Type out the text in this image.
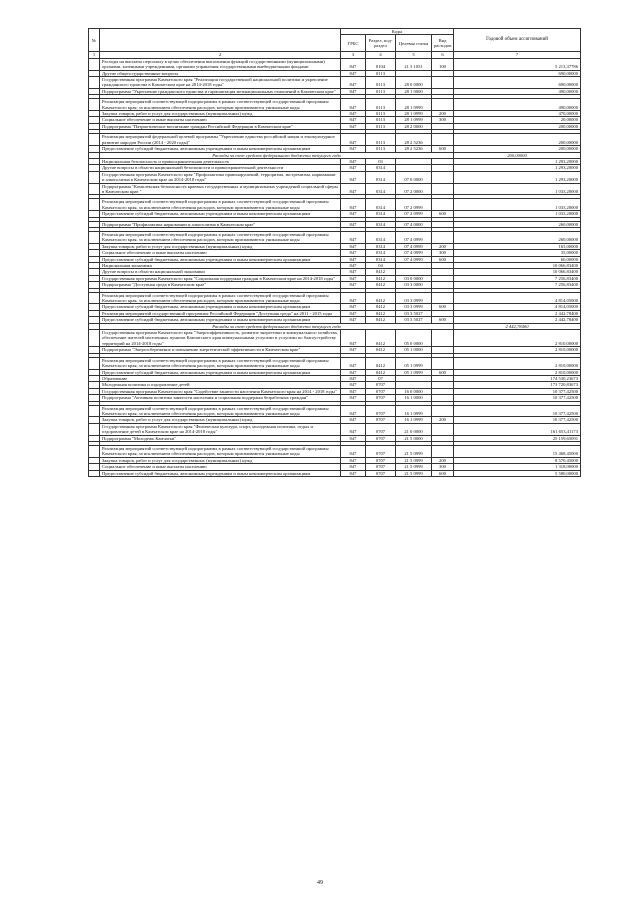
№		Коды				Годовой объем ассигнований
		ГРБС	Раздел, под-раздел	Целевая статья	Вид расходов	
1	2	3	4	5	6	7
	Расходы на выплаты персоналу в целях обеспечения выполнения функций государственными (муниципальными) органами, казенными учреждениями, органами управления государственными внебюджетными фондами	847	0104	21 3 1051	100	5 213,37786
	Другие общегосударственные вопросы	847	0113			690,00000
	Государственная программа Камчатского края "Реализация государственной национальной политики и укрепление гражданского единства в Камчатском крае на 2014-2018 годы"	847	0113	28 0 0000		690,00000
	Подпрограмма "Укрепление гражданского единства и гармонизация межнациональных отношений в Камчатском крае"	847	0113	28 1 0000		490,00000

	Реализация мероприятий соответствующей подпрограммы в рамках соответствующей государственной программы Камчатского края, за исключением обеспечения расходов, которым присваиваются уникальные коды	847	0113	28 1 0999		490,00000
	Закупка товаров, работ и услуг для государственных (муниципальных) нужд	847	0113	28 1 0999	200	470,00000
	Социальное обеспечение и иные выплаты населению	847	0113	28 1 0999	300	20,00000
	Подпрограмма "Патриотическое воспитание граждан Российской Федерации в Камчатском крае"	847	0113	28 2 0000		200,00000

	Реализация мероприятий федеральной целевой программы "Укрепление единства российской нации и этнокультурное развитие народов России (2014 - 2020 годы)"	847	0113	28 2 5236		200,00000
	Предоставление субсидий бюджетным, автономным учреждениям и иным некоммерческим организациям	847	0113	28 2 5236	600	200,00000
	Расходы за счет средств федерального бюджета текущего года					200,00000
	Национальная безопасность и правоохранительная деятельность	847	03			1 293,20000
	Другие вопросы в области национальной безопасности и правоохранительной деятельности	847	0314			1 293,20000
	Государственная программа Камчатского края "Профилактика правонарушений, терроризма, экстремизма, наркомании и алкоголизма в Камчатском крае на 2014-2018 годы"	847	0314	07 0 0000		1 293,20000
	Подпрограмма "Комплексная безопасность краевых государственных и муниципальных учреждений социальной сферы в Камчатском крае "	847	0314	07 2 0000		1 033,20000

	Реализация мероприятий соответствующей подпрограммы в рамках соответствующей государственной программы Камчатского края, за исключением обеспечения расходов, которым присваиваются уникальные коды	847	0314	07 2 0999		1 033,20000
	Предоставление субсидий бюджетным, автономным учреждениям и иным некоммерческим организациям	847	0314	07 2 0999	600	1 033,20000

	Подпрограмма "Профилактика наркомании и алкоголизма в Камчатском крае"	847	0314	07 4 0000		260,00000

	Реализация мероприятий соответствующей подпрограммы в рамках соответствующей государственной программы Камчатского края, за исключением обеспечения расходов, которым присваиваются уникальные коды	847	0314	07 4 0999		260,00000
	Закупка товаров, работ и услуг для государственных (муниципальных) нужд	847	0314	07 4 0999	200	165,00000
	Социальное обеспечение и иные выплаты населению	847	0314	07 4 0999	300	35,00000
	Предоставление субсидий бюджетным, автономным учреждениям и иным некоммерческим организациям	847	0314	07 4 0999	600	60,00000
	Национальная экономика	847	04			10 066,83400
	Другие вопросы в области национальной экономики	847	0412			10 066,83400
	Государственная программа Камчатского края "Социальная поддержка граждан в Камчатском крае на 2014-2018 годы"	847	0412	03 0 0000		7 256,83400
	Подпрограмма "Доступная среда в Камчатском крае"	847	0412	03 3 0000		7 256,83400

	Реализация мероприятий соответствующей подпрограммы в рамках соответствующей государственной программы Камчатского края, за исключением обеспечения расходов, которым присваиваются уникальные коды	847	0412	03 3 0999		4 814,05000
	Предоставление субсидий бюджетным, автономным учреждениям и иным некоммерческим организациям	847	0412	03 3 0999	600	4 814,05000
	Реализация мероприятий государственной программы Российской Федерации "Доступная среда" на 2011 - 2015 годы	847	0412	03 3 5027		2 442,78400
	Предоставление субсидий бюджетным, автономным учреждениям и иным некоммерческим организациям	847	0412	03 3 5027	600	2 442,78400
	Расходы за счет средств федерального бюджета текущего года					2 442,78400
	Государственная программа Камчатского края "Энергоэффективность, развитие энергетики и коммунального хозяйства, обеспечение жителей населенных пунктов Камчатского края коммунальными услугами и услугами по благоустройству территорий на 2014-2018 годы"	847	0412	05 0 0000		2 810,00000
	Подпрограмма "Энергосбережение и повышение энергетической эффективности в Камчатском крае"	847	0412	05 1 0000		2 810,00000

	Реализация мероприятий соответствующей подпрограммы в рамках соответствующей государственной программы Камчатского края, за исключением обеспечения расходов, которым присваиваются уникальные коды	847	0412	05 1 0999		2 810,00000
	Предоставление субсидий бюджетным, автономным учреждениям и иным некоммерческим организациям	847	0412	05 1 0999	600	2 810,00000
	Образование	847	07			174 530,23673
	Молодежная политика и оздоровление детей	847	0707			173 720,83673
	Государственная программа Камчатского края "Содействие занятости населения Камчатского края на 2014 - 2018 годы"	847	0707	16 0 0000		10 377,42500
	Подпрограмма "Активная политика занятости населения и социальная поддержка безработных граждан"	847	0707	16 1 0000		10 377,42500

	Реализация мероприятий соответствующей подпрограммы в рамках соответствующей государственной программы Камчатского края, за исключением обеспечения расходов, которым присваиваются уникальные коды	847	0707	16 1 0999		10 377,42500
	Закупка товаров, работ и услуг для государственных (муниципальных) нужд	847	0707	16 1 0999	200	10 377,42500
	Государственная программа Камчатского края "Физическая культура, спорт, молодежная политика, отдых и оздоровление детей в Камчатском крае на 2014-2018 годы"	847	0707	21 0 0000		161 653,41173
	Подпрограмма "Молодежь Камчатки"	847	0707	21 5 0000		25 159,65091

	Реализация мероприятий соответствующей подпрограммы в рамках соответствующей государственной программы Камчатского края, за исключением обеспечения расходов, которым присваиваются уникальные коды	847	0707	21 5 0999		15 468,45000
	Закупка товаров, работ и услуг для государственных (муниципальных) нужд	847	0707	21 5 0999	200	8 570,45000
	Социальное обеспечение и иные выплаты населению	847	0707	21 5 0999	300	1 318,00000
	Предоставление субсидий бюджетным, автономным учреждениям и иным некоммерческим организациям	847	0707	21 5 0999	600	5 580,00000
49
